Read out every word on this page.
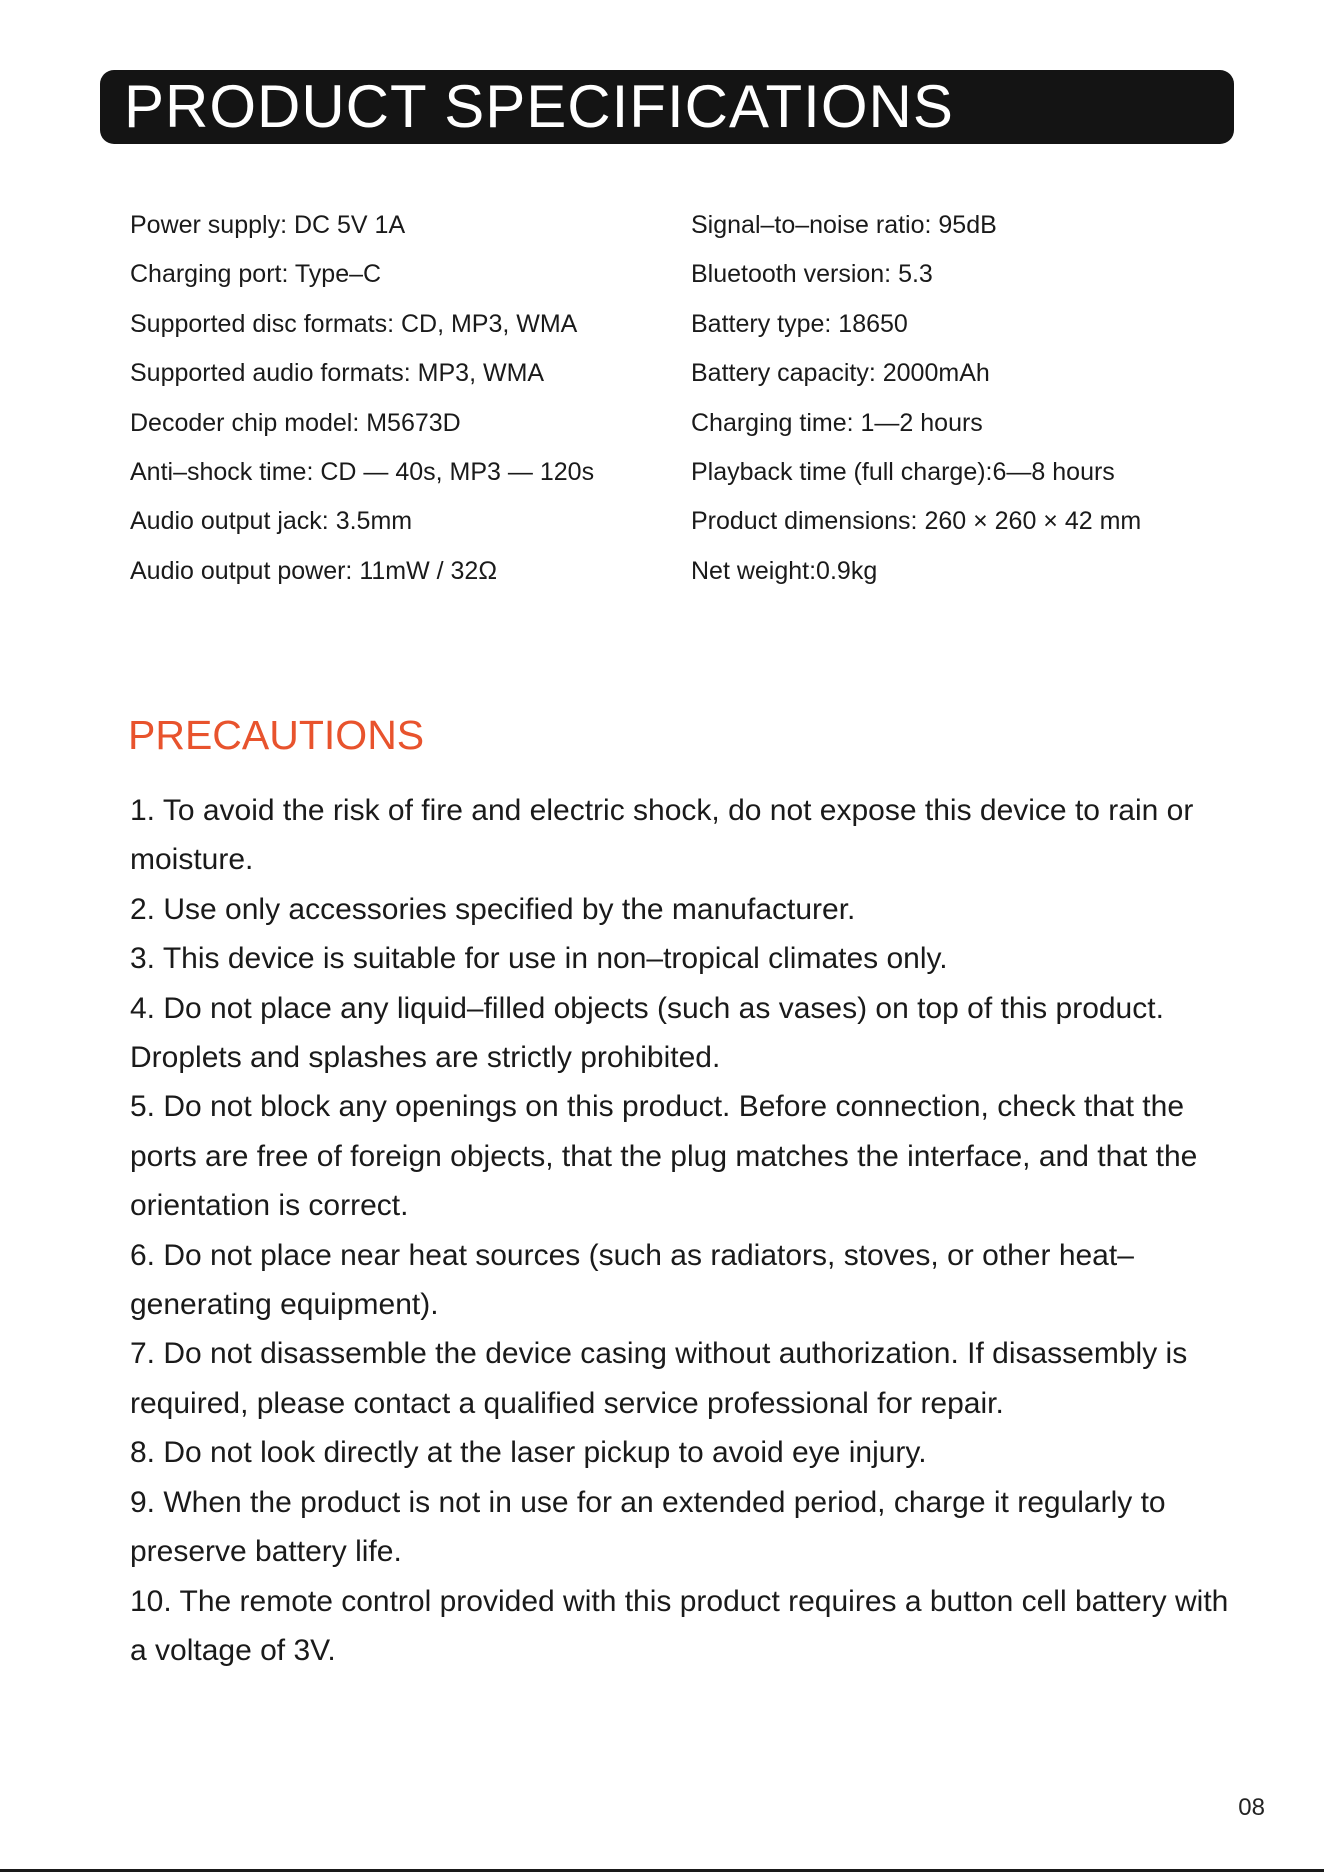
PRODUCT SPECIFICATIONS
Power supply: DC 5V 1A
Charging port: Type–C
Supported disc formats: CD, MP3, WMA
Supported audio formats: MP3, WMA
Decoder chip model: M5673D
Anti–shock time: CD — 40s, MP3 — 120s
Audio output jack: 3.5mm
Audio output power: 11mW / 32Ω
Signal–to–noise ratio: 95dB
Bluetooth version: 5.3
Battery type: 18650
Battery capacity: 2000mAh
Charging time: 1—2 hours
Playback time (full charge):6—8 hours
Product dimensions: 260 × 260 × 42 mm
Net weight:0.9kg
PRECAUTIONS
1. To avoid the risk of fire and electric shock, do not expose this device to rain or moisture.
2. Use only accessories specified by the manufacturer.
3. This device is suitable for use in non–tropical climates only.
4. Do not place any liquid–filled objects (such as vases) on top of this product. Droplets and splashes are strictly prohibited.
5. Do not block any openings on this product. Before connection, check that the ports are free of foreign objects, that the plug matches the interface, and that the orientation is correct.
6. Do not place near heat sources (such as radiators, stoves, or other heat–generating equipment).
7. Do not disassemble the device casing without authorization. If disassembly is required, please contact a qualified service professional for repair.
8. Do not look directly at the laser pickup to avoid eye injury.
9. When the product is not in use for an extended period, charge it regularly to preserve battery life.
10. The remote control provided with this product requires a button cell battery with a voltage of 3V.
08
